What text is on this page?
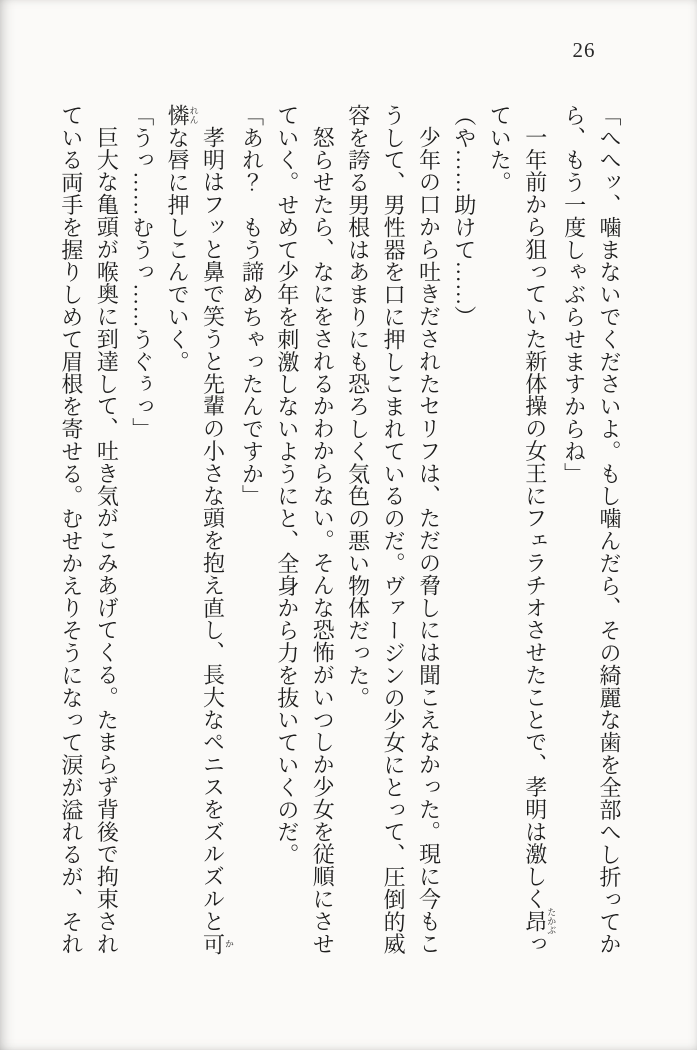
26

「へへッ、噛まないでくださいよ。もし噛んだら、その綺麗な歯を全部へし折ってから、もう一度しゃぶらせますからね」

一年前から狙っていた新体操の女王にフェラチオさせたことで、孝明は激しく昂たかぶっていた。

（や……助けて……）

少年の口から吐きだされたセリフは、ただの脅しには聞こえなかった。現に今もこうして、男性器を口に押しこまれているのだ。ヴァージンの少女にとって、圧倒的威容を誇る男根はあまりにも恐ろしく気色の悪い物体だった。

怒らせたら、なにをされるかわからない。そんな恐怖がいつしか少女を従順にさせていく。せめて少年を刺激しないようにと、全身から力を抜いていくのだ。

「あれ？　もう諦めちゃったんですか」

孝明はフッと鼻で笑うと先輩の小さな頭を抱え直し、長大なペニスをズルズルと可か憐れんな唇に押しこんでいく。

「うっ……むうっ……うぐぅっ」

巨大な亀頭が喉奥に到達して、吐き気がこみあげてくる。たまらず背後で拘束されている両手を握りしめて眉根を寄せる。むせかえりそうになって涙が溢れるが、それ
